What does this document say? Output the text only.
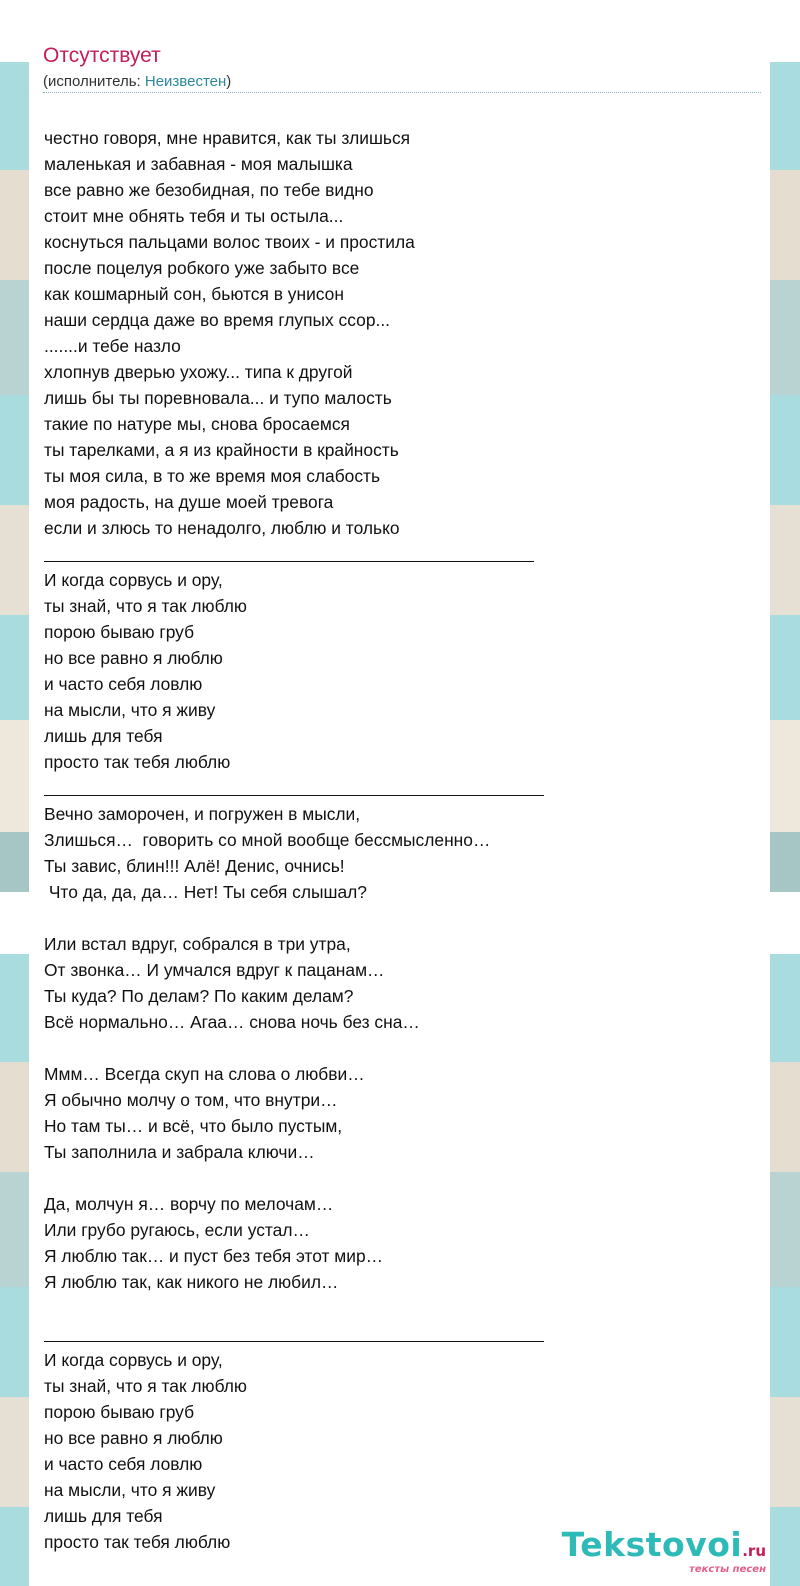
Отсутствует
(исполнитель: Неизвестен)
честно говоря, мне нравится, как ты злишься
маленькая и забавная - моя малышка
все равно же безобидная, по тебе видно
стоит мне обнять тебя и ты остыла...
коснуться пальцами волос твоих - и простила
после поцелуя робкого уже забыто все
как кошмарный сон, бьются в унисон
наши сердца даже во время глупых ссор...
.......и тебе назло
хлопнув дверью ухожу... типа к другой
лишь бы ты поревновала... и тупо малость
такие по натуре мы, снова бросаемся
ты тарелками, а я из крайности в крайность
ты моя сила, в то же время моя слабость
моя радость, на душе моей тревога
если и злюсь то ненадолго, люблю и только
И когда сорвусь и ору,
ты знай, что я так люблю
порою бываю груб
но все равно я люблю
и часто себя ловлю
на мысли, что я живу
лишь для тебя
просто так тебя люблю
Вечно заморочен, и погружен в мысли,
Злишься…  говорить со мной вообще бессмысленно…
Ты завис, блин!!! Алё! Денис, очнись!
Что да, да, да… Нет! Ты себя слышал?
Или встал вдруг, собрался в три утра,
От звонка… И умчался вдруг к пацанам…
Ты куда? По делам? По каким делам?
Всё нормально… Агаа… снова ночь без сна…
Ммм… Всегда скуп на слова о любви…
Я обычно молчу о том, что внутри…
Но там ты… и всё, что было пустым,
Ты заполнила и забрала ключи…
Да, молчун я… ворчу по мелочам…
Или грубо ругаюсь, если устал…
Я люблю так… и пуст без тебя этот мир…
Я люблю так, как никого не любил…
И когда сорвусь и ору,
ты знай, что я так люблю
порою бываю груб
но все равно я люблю
и часто себя ловлю
на мысли, что я живу
лишь для тебя
просто так тебя люблю	Tekstovoi.ru
тексты песен
